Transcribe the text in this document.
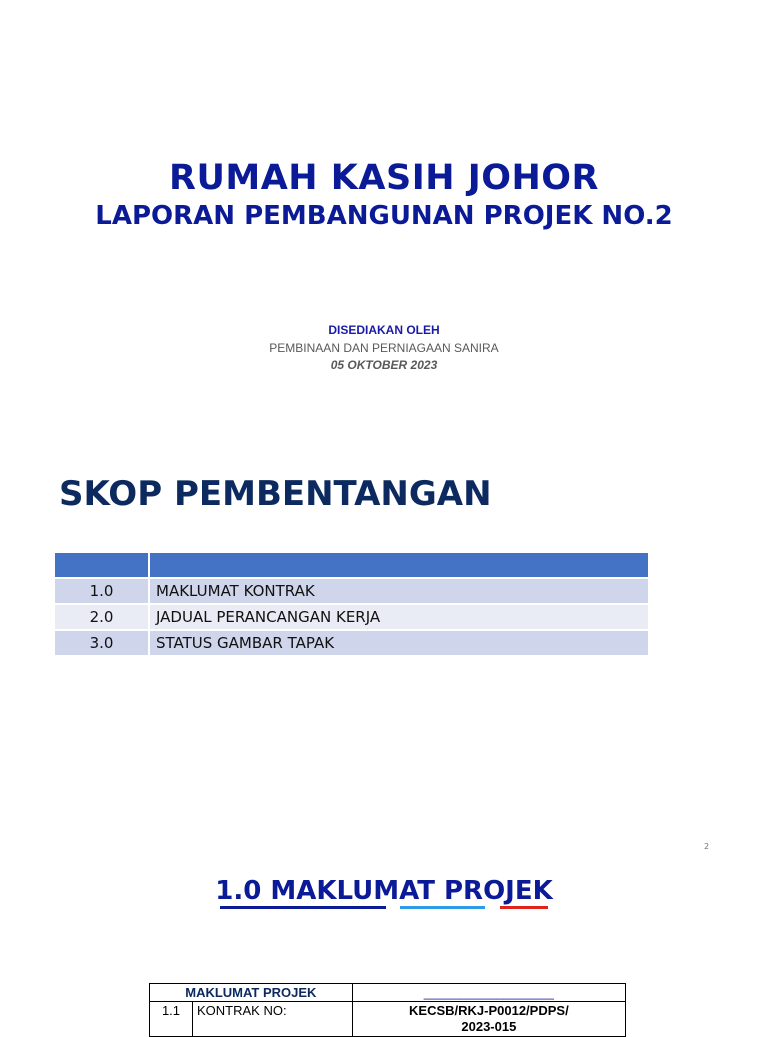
RUMAH KASIH JOHOR
LAPORAN PEMBANGUNAN PROJEK NO.2
DISEDIAKAN OLEH
PEMBINAAN DAN PERNIAGAAN SANIRA
05 OKTOBER 2023
SKOP PEMBENTANGAN

1.0	MAKLUMAT KONTRAK
2.0	JADUAL PERANCANGAN KERJA
3.0	STATUS GAMBAR TAPAK
2
1.0 MAKLUMAT PROJEK
MAKLUMAT PROJEK		__________________
1.1	KONTRAK NO:	KECSB/RKJ-P0012/PDPS/
2023-015
